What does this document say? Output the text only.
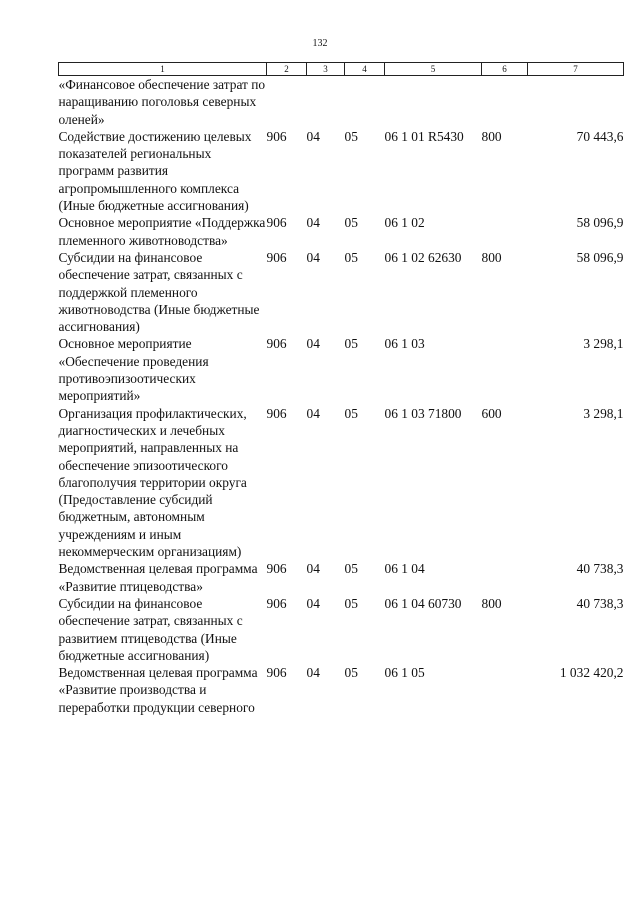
132
1	2	3	4	5	6	7
«Финансовое обеспечение затрат по наращиванию поголовья северных оленей»						
Содействие достижению целевых показателей региональных программ развития агропромышленного комплекса (Иные бюджетные ассигнования)	906	04	05	06 1 01 R5430	800	70 443,6
Основное мероприятие «Поддержка племенного животноводства»	906	04	05	06 1 02		58 096,9
Субсидии на финансовое обеспечение затрат, связанных с поддержкой племенного животноводства (Иные бюджетные ассигнования)	906	04	05	06 1 02 62630	800	58 096,9
Основное мероприятие «Обеспечение проведения противоэпизоотических мероприятий»	906	04	05	06 1 03		3 298,1
Организация профилактических, диагностических и лечебных мероприятий, направленных на обеспечение эпизоотического благополучия территории округа (Предоставление субсидий бюджетным, автономным учреждениям и иным некоммерческим организациям)	906	04	05	06 1 03 71800	600	3 298,1
Ведомственная целевая программа «Развитие птицеводства»	906	04	05	06 1 04		40 738,3
Субсидии на финансовое обеспечение затрат, связанных с развитием птицеводства (Иные бюджетные ассигнования)	906	04	05	06 1 04 60730	800	40 738,3
Ведомственная целевая программа «Развитие производства и переработки продукции северного	906	04	05	06 1 05		1 032 420,2
